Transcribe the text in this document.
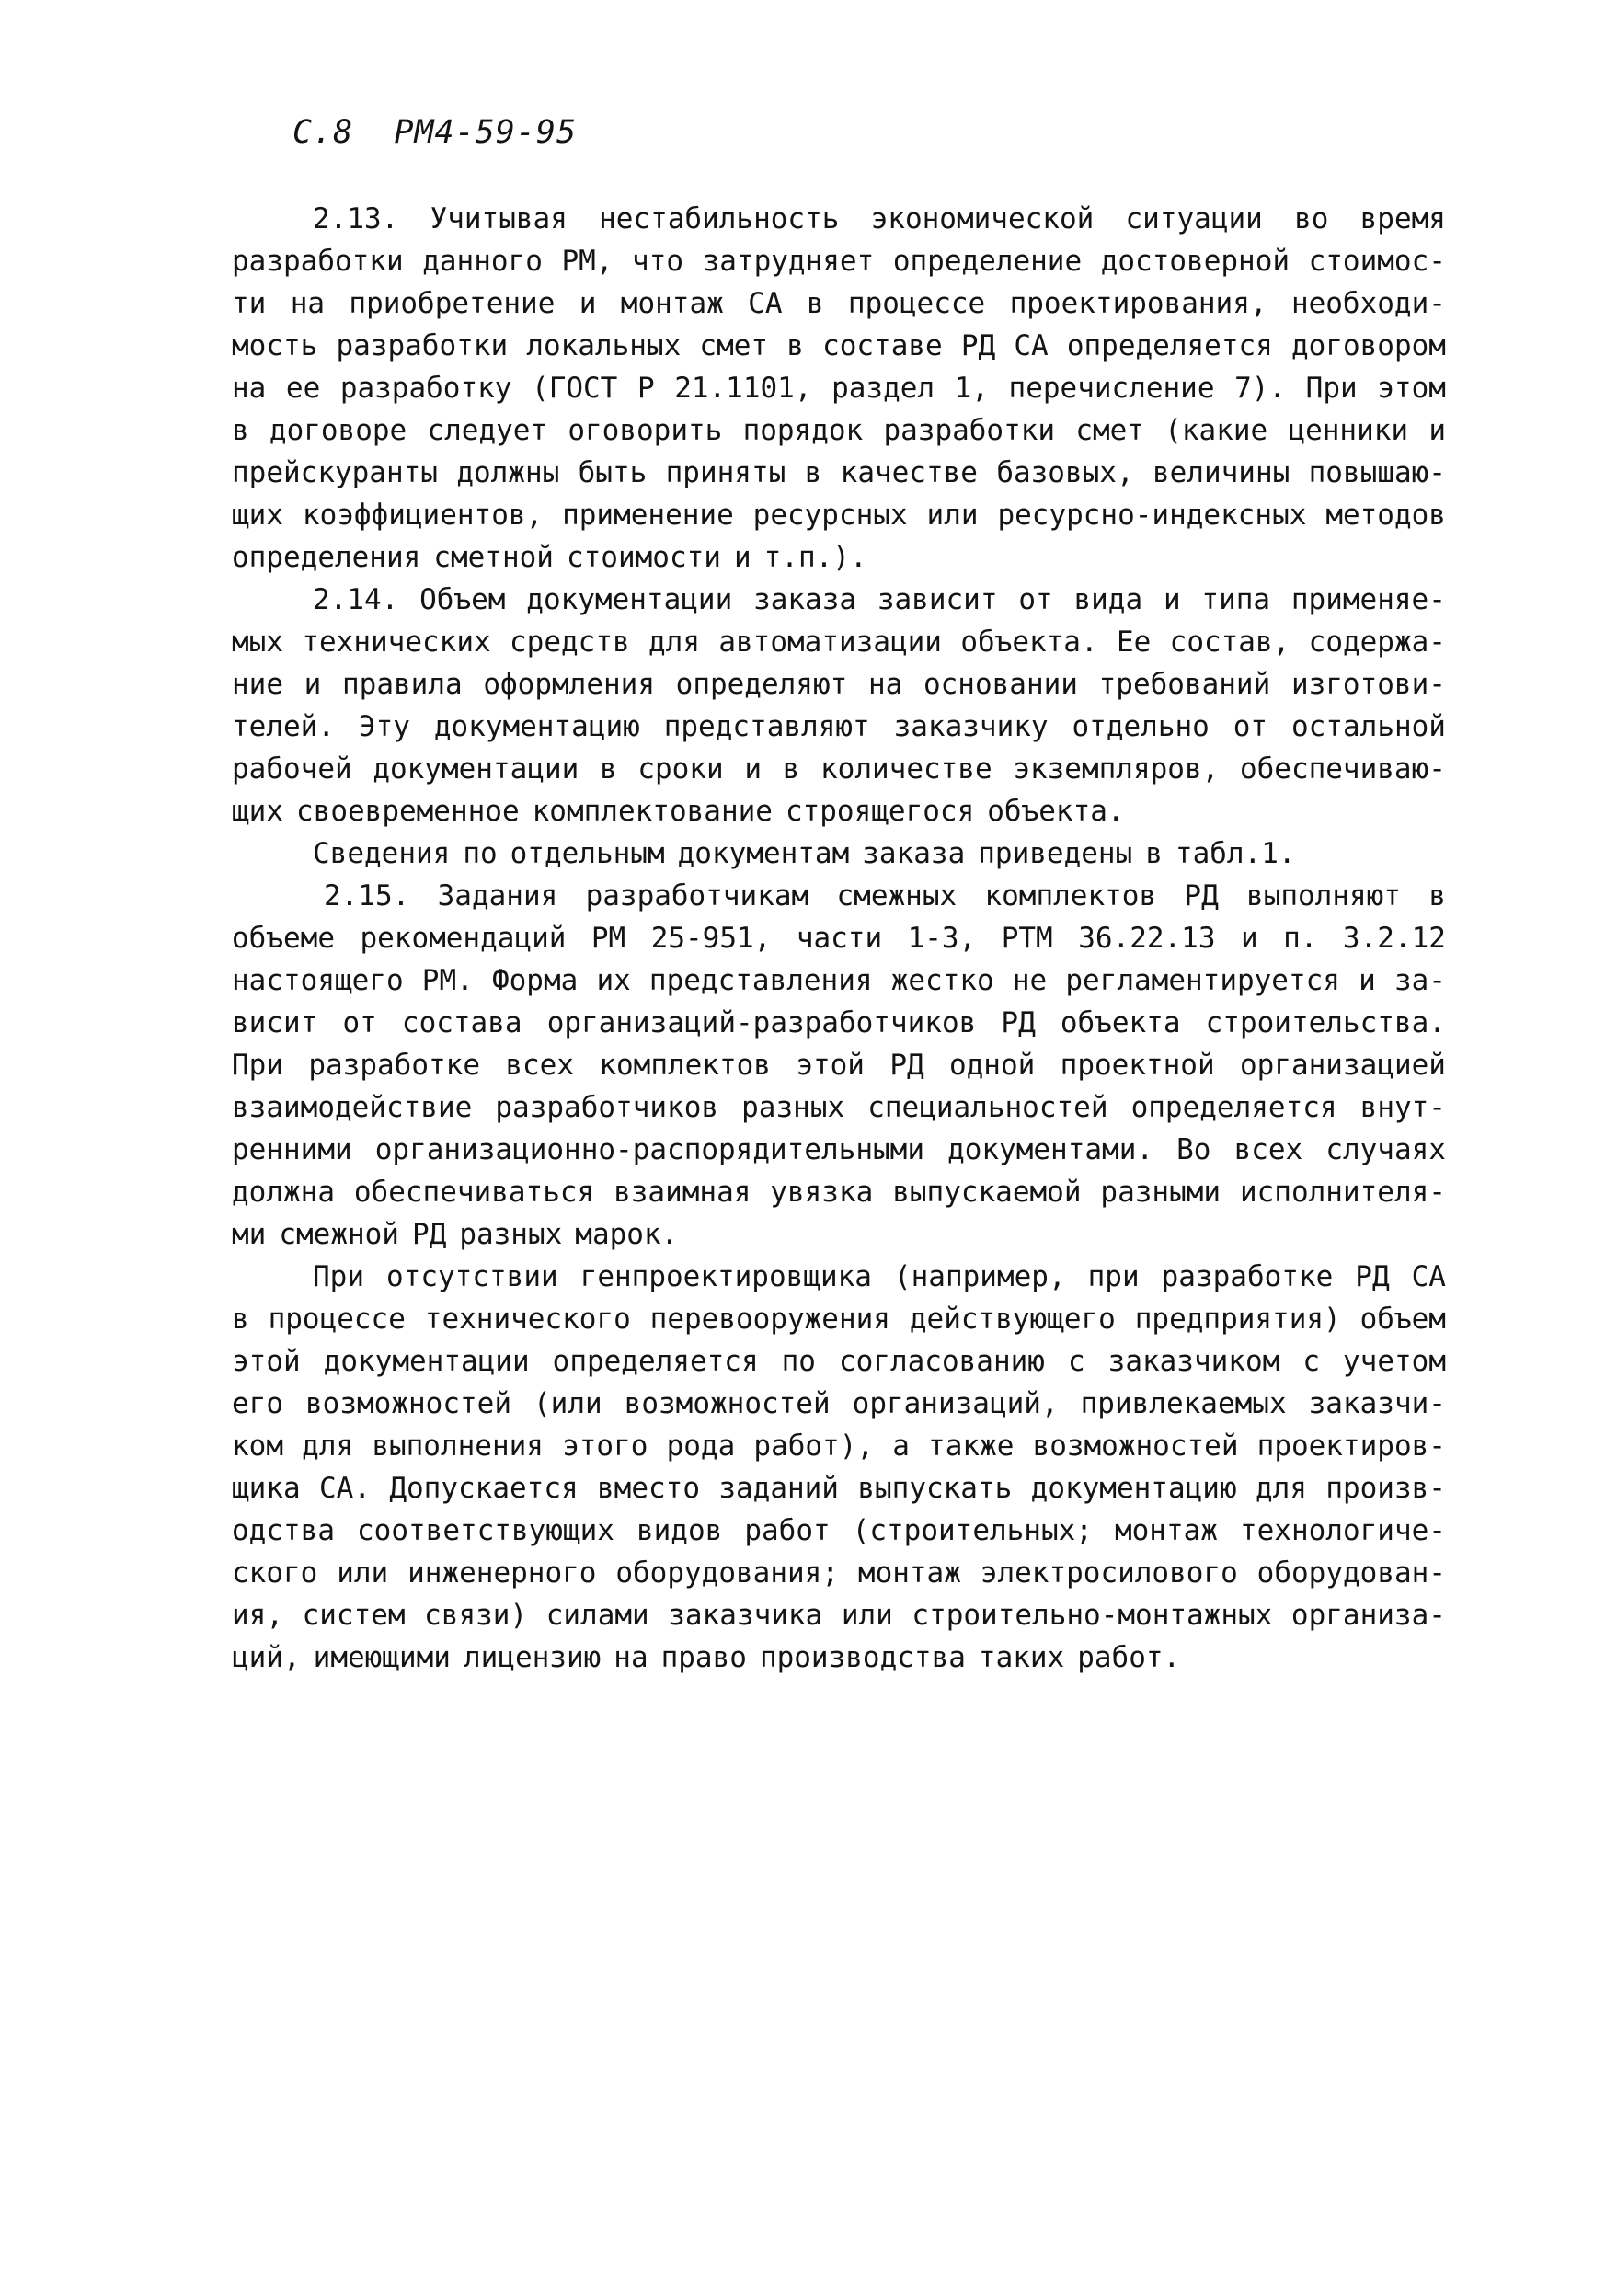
С.8 РМ4-59-95
2.13. Учитывая нестабильность экономической ситуации во время
разработки данного РМ, что затрудняет определение достоверной стоимос-
ти на приобретение и монтаж СА в процессе проектирования, необходи-
мость разработки локальных смет в составе РД СА определяется договором
на ее разработку (ГОСТ Р 21.1101, раздел 1, перечисление 7). При этом
в договоре следует оговорить порядок разработки смет (какие ценники и
прейскуранты должны быть приняты в качестве базовых, величины повышаю-
щих коэффициентов, применение ресурсных или ресурсно-индексных методов
определения сметной стоимости и т.п.).
2.14. Объем документации заказа зависит от вида и типа применяе-
мых технических средств для автоматизации объекта. Ее состав, содержа-
ние и правила оформления определяют на основании требований изготови-
телей. Эту документацию представляют заказчику отдельно от остальной
рабочей документации в сроки и в количестве экземпляров, обеспечиваю-
щих своевременное комплектование строящегося объекта.
Сведения по отдельным документам заказа приведены в табл.1.
2.15. Задания разработчикам смежных комплектов РД выполняют в
объеме рекомендаций РМ 25-951, части 1-3, РТМ 36.22.13 и п. 3.2.12
настоящего РМ. Форма их представления жестко не регламентируется и за-
висит от состава организаций-разработчиков РД объекта строительства.
При разработке всех комплектов этой РД одной проектной организацией
взаимодействие разработчиков разных специальностей определяется внут-
ренними организационно-распорядительными документами. Во всех случаях
должна обеспечиваться взаимная увязка выпускаемой разными исполнителя-
ми смежной РД разных марок.
При отсутствии генпроектировщика (например, при разработке РД СА
в процессе технического перевооружения действующего предприятия) объем
этой документации определяется по согласованию с заказчиком с учетом
его возможностей (или возможностей организаций, привлекаемых заказчи-
ком для выполнения этого рода работ), а также возможностей проектиров-
щика СА. Допускается вместо заданий выпускать документацию для произв-
одства соответствующих видов работ (строительных; монтаж технологиче-
ского или инженерного оборудования; монтаж электросилового оборудован-
ия, систем связи) силами заказчика или строительно-монтажных организа-
ций, имеющими лицензию на право производства таких работ.
